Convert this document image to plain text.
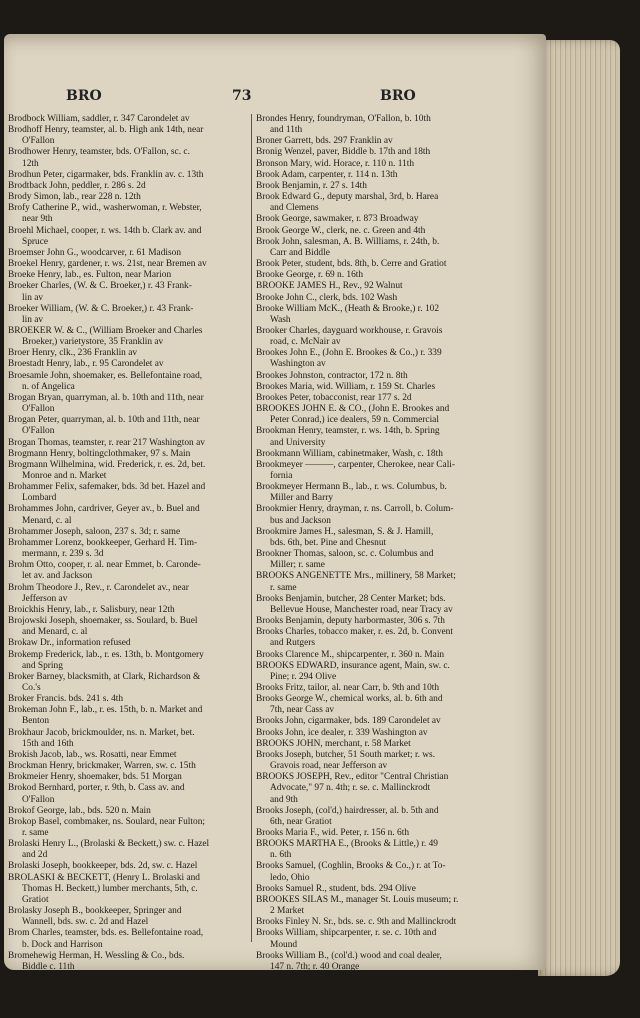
BRO	73	BRO
Brodbock William, saddler, r. 347 Carondelet av
Brodhoff Henry, teamster, al. b. High ank 14th, near
O'Fallon
Brodhower Henry, teamster, bds. O'Fallon, sc. c.
12th
Brodhun Peter, cigarmaker, bds. Franklin av. c. 13th
Brodtback John, peddler, r. 286 s. 2d
Brody Simon, lab., rear 228 n. 12th
Brofy Catherine P., wid., washerwoman, r. Webster,
near 9th
Broehl Michael, cooper, r. ws. 14th b. Clark av. and
Spruce
Broemser John G., woodcarver, r. 61 Madison
Broekel Henry, gardener, r. ws. 21st, near Bremen av
Broeke Henry, lab., es. Fulton, near Marion
Broeker Charles, (W. & C. Broeker,) r. 43 Frank-
lin av
Broeker William, (W. & C. Broeker,) r. 43 Frank-
lin av
BROEKER W. & C., (William Broeker and Charles
Broeker,) varietystore, 35 Franklin av
Broer Henry, clk., 236 Franklin av
Broestadt Henry, lab., r. 95 Carondelet av
Broesamle John, shoemaker, es. Bellefontaine road,
n. of Angelica
Brogan Bryan, quarryman, al. b. 10th and 11th, near
O'Fallon
Brogan Peter, quarryman, al. b. 10th and 11th, near
O'Fallon
Brogan Thomas, teamster, r. rear 217 Washington av
Brogmann Henry, boltingclothmaker, 97 s. Main
Brogmann Wilhelmina, wid. Frederick, r. es. 2d, bet.
Monroe and n. Market
Brohammer Felix, safemaker, bds. 3d bet. Hazel and
Lombard
Brohammes John, cardriver, Geyer av., b. Buel and
Menard, c. al
Brohammer Joseph, saloon, 237 s. 3d; r. same
Brohammer Lorenz, bookkeeper, Gerhard H. Tim-
mermann, r. 239 s. 3d
Brohm Otto, cooper, r. al. near Emmet, b. Caronde-
let av. and Jackson
Brohm Theodore J., Rev., r. Carondelet av., near
Jefferson av
Broickhis Henry, lab., r. Salisbury, near 12th
Brojowski Joseph, shoemaker, ss. Soulard, b. Buel
and Menard, c. al
Brokaw Dr., information refused
Brokemp Frederick, lab., r. es. 13th, b. Montgomery
and Spring
Broker Barney, blacksmith, at Clark, Richardson &
Co.'s
Broker Francis. bds. 241 s. 4th
Brokeman John F., lab., r. es. 15th, b. n. Market and
Benton
Brokhaur Jacob, brickmoulder, ns. n. Market, bet.
15th and 16th
Brokish Jacob, lab., ws. Rosatti, near Emmet
Brockman Henry, brickmaker, Warren, sw. c. 15th
Brokmeier Henry, shoemaker, bds. 51 Morgan
Brokod Bernhard, porter, r. 9th, b. Cass av. and
O'Fallon
Brokof George, lab., bds. 520 n. Main
Brokop Basel, combmaker, ns. Soulard, near Fulton;
r. same
Brolaski Henry L., (Brolaski & Beckett,) sw. c. Hazel
and 2d
Brolaski Joseph, bookkeeper, bds. 2d, sw. c. Hazel
BROLASKI & BECKETT, (Henry L. Brolaski and
Thomas H. Beckett,) lumber merchants, 5th, c.
Gratiot
Brolasky Joseph B., bookkeeper, Springer and
Wannell, bds. sw. c. 2d and Hazel
Brom Charles, teamster, bds. es. Bellefontaine road,
b. Dock and Harrison
Bromehewig Herman, H. Wessling & Co., bds.
Biddle c. 11th
Bromley John, crockery, 183 Franklin av; r. same
Bromm Henry, butcher, 12 Sturgeon Market; r.
Bremen
Broad Henry, lab., r. ss. 12th, near Mallinckrodt
Brondes Henry, foundryman, O'Fallon, b. 10th
and 11th
Broner Garrett, bds. 297 Franklin av
Bronig Wenzel, paver, Biddle b. 17th and 18th
Bronson Mary, wid. Horace, r. 110 n. 11th
Brook Adam, carpenter, r. 114 n. 13th
Brook Benjamin, r. 27 s. 14th
Brook Edward G., deputy marshal, 3rd, b. Harea
and Clemens
Brook George, sawmaker, r. 873 Broadway
Brook George W., clerk, ne. c. Green and 4th
Brook John, salesman, A. B. Williams, r. 24th, b.
Carr and Biddle
Brook Peter, student, bds. 8th, b. Cerre and Gratiot
Brooke George, r. 69 n. 16th
BROOKE JAMES H., Rev., 92 Walnut
Brooke John C., clerk, bds. 102 Wash
Brooke William McK., (Heath & Brooke,) r. 102
Wash
Brooker Charles, dayguard workhouse, r. Gravois
road, c. McNair av
Brookes John E., (John E. Brookes & Co.,) r. 339
Washington av
Brookes Johnston, contractor, 172 n. 8th
Brookes Maria, wid. William, r. 159 St. Charles
Brookes Peter, tobacconist, rear 177 s. 2d
BROOKES JOHN E. & CO., (John E. Brookes and
Peter Conrad,) ice dealers, 59 n. Commercial
Brookman Henry, teamster, r. ws. 14th, b. Spring
and University
Brookmann William, cabinetmaker, Wash, c. 18th
Brookmeyer ———, carpenter, Cherokee, near Cali-
fornia
Brookmeyer Hermann B., lab., r. ws. Columbus, b.
Miller and Barry
Brookmier Henry, drayman, r. ns. Carroll, b. Colum-
bus and Jackson
Brookmire James H., salesman, S. & J. Hamill,
bds. 6th, bet. Pine and Chesnut
Brookner Thomas, saloon, sc. c. Columbus and
Miller; r. same
BROOKS ANGENETTE Mrs., millinery, 58 Market;
r. same
Brooks Benjamin, butcher, 28 Center Market; bds.
Bellevue House, Manchester road, near Tracy av
Brooks Benjamin, deputy harbormaster, 306 s. 7th
Brooks Charles, tobacco maker, r. es. 2d, b. Convent
and Rutgers
Brooks Clarence M., shipcarpenter, r. 360 n. Main
BROOKS EDWARD, insurance agent, Main, sw. c.
Pine; r. 294 Olive
Brooks Fritz, tailor, al. near Carr, b. 9th and 10th
Brooks George W., chemical works, al. b. 6th and
7th, near Cass av
Brooks John, cigarmaker, bds. 189 Carondelet av
Brooks John, ice dealer, r. 339 Washington av
BROOKS JOHN, merchant, r. 58 Market
Brooks Joseph, butcher, 51 South market; r. ws.
Gravois road, near Jefferson av
BROOKS JOSEPH, Rev., editor "Central Christian
Advocate," 97 n. 4th; r. se. c. Mallinckrodt
and 9th
Brooks Joseph, (col'd,) hairdresser, al. b. 5th and
6th, near Gratiot
Brooks Maria F., wid. Peter, r. 156 n. 6th
BROOKS MARTHA E., (Brooks & Little,) r. 49
n. 6th
Brooks Samuel, (Coghlin, Brooks & Co.,) r. at To-
ledo, Ohio
Brooks Samuel R., student, bds. 294 Olive
BROOKES SILAS M., manager St. Louis museum; r.
2 Market
Brooks Finley N. Sr., bds. se. c. 9th and Mallinckrodt
Brooks William, shipcarpenter, r. se. c. 10th and
Mound
Brooks William B., (col'd.) wood and coal dealer,
147 n. 7th; r. 40 Orange
BROOKS & LITTLE, (Martha E. Brooks and Caro-
line Little,) seminary, 49 n. 6th
Broomfield James W., bookkeeper, William W.
Broomfield; bds. 41 Green
